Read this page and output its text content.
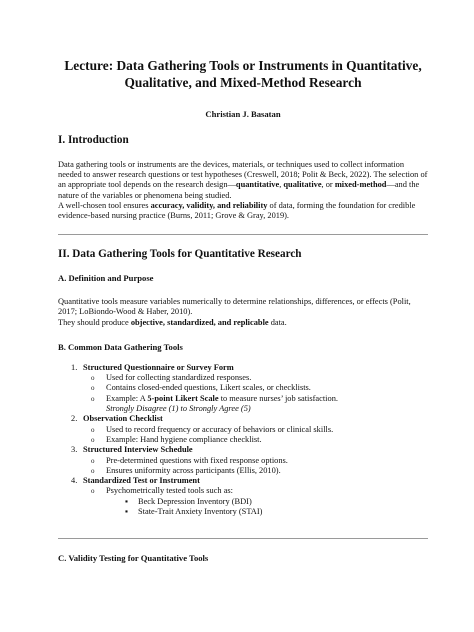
Lecture: Data Gathering Tools or Instruments in Quantitative, Qualitative, and Mixed-Method Research
Christian J. Basatan
I. Introduction

Data gathering tools or instruments are the devices, materials, or techniques used to collect information needed to answer research questions or test hypotheses (Creswell, 2018; Polit & Beck, 2022). The selection of an appropriate tool depends on the research design—quantitative, qualitative, or mixed-method—and the nature of the variables or phenomena being studied.
A well-chosen tool ensures accuracy, validity, and reliability of data, forming the foundation for credible evidence-based nursing practice (Burns, 2011; Grove & Gray, 2019).

II. Data Gathering Tools for Quantitative Research
A. Definition and Purpose

Quantitative tools measure variables numerically to determine relationships, differences, or effects (Polit, 2017; LoBiondo-Wood & Haber, 2010).
They should produce objective, standardized, and replicable data.

B. Common Data Gathering Tools
1. Structured Questionnaire or Survey Form
o Used for collecting standardized responses.
o Contains closed-ended questions, Likert scales, or checklists.
o Example: A 5-point Likert Scale to measure nurses’ job satisfaction.
Strongly Disagree (1) to Strongly Agree (5)
2. Observation Checklist
o Used to record frequency or accuracy of behaviors or clinical skills.
o Example: Hand hygiene compliance checklist.
3. Structured Interview Schedule
o Pre-determined questions with fixed response options.
o Ensures uniformity across participants (Ellis, 2010).
4. Standardized Test or Instrument
o Psychometrically tested tools such as:
▪ Beck Depression Inventory (BDI)
▪ State-Trait Anxiety Inventory (STAI)
C. Validity Testing for Quantitative Tools
